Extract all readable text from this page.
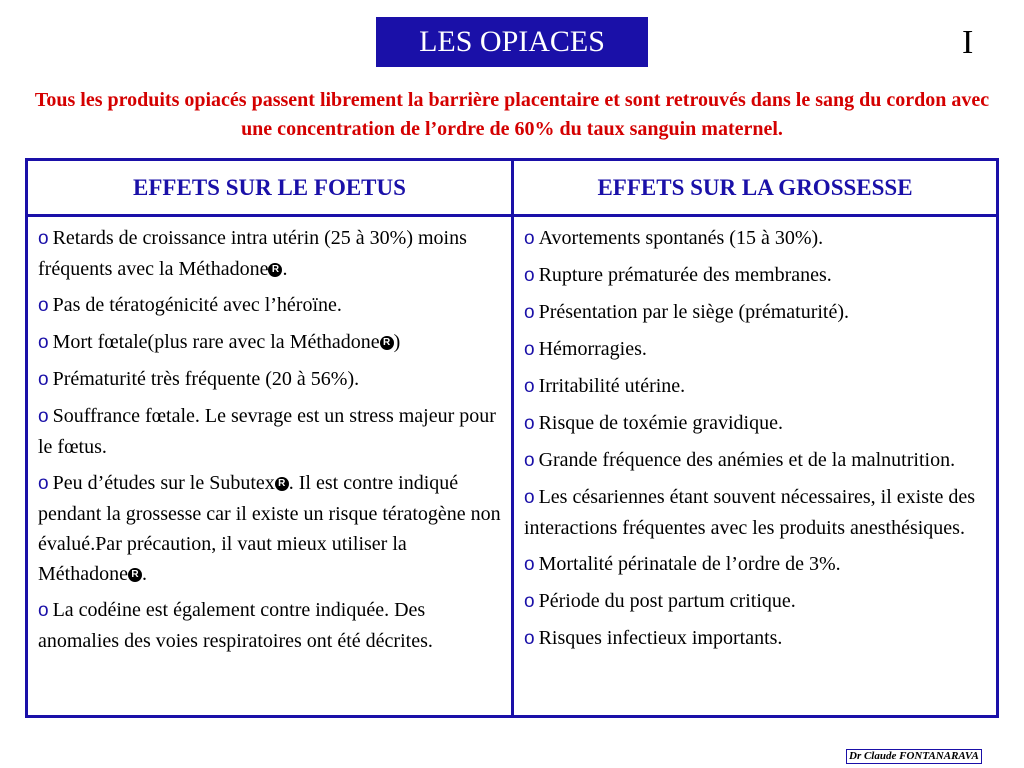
LES OPIACES	I
Tous les produits opiacés passent librement la barrière placentaire et sont retrouvés dans le sang du cordon avec une concentration de l’ordre de 60% du taux sanguin maternel.
EFFETS SUR LE FOETUS	EFFETS SUR LA GROSSESSE
o Retards de croissance intra utérin (25 à 30%) moins fréquents avec la Méthadone R .
o Pas de tératogénicité avec l’héroïne.
o Mort fœtale(plus rare avec la Méthadone R )
o Prématurité très fréquente (20 à 56%).
o Souffrance fœtale. Le sevrage est un stress majeur pour le fœtus.
o Peu d’études sur le Subutex R . Il est contre indiqué pendant la grossesse car il existe un risque tératogène non évalué.Par précaution, il vaut mieux utiliser la Méthadone R .
o La codéine est également contre indiquée. Des anomalies des voies respiratoires ont été décrites.
o Avortements spontanés (15 à 30%).
o Rupture prématurée des membranes.
o Présentation par le siège (prématurité).
o Hémorragies.
o Irritabilité utérine.
o Risque de toxémie gravidique.
o Grande fréquence des anémies et de la malnutrition.
o Les césariennes étant souvent nécessaires, il existe des interactions fréquentes avec les produits anesthésiques.
o Mortalité périnatale de l’ordre de 3%.
o Période du post partum critique.
o Risques infectieux importants.
Dr Claude FONTANARAVA
